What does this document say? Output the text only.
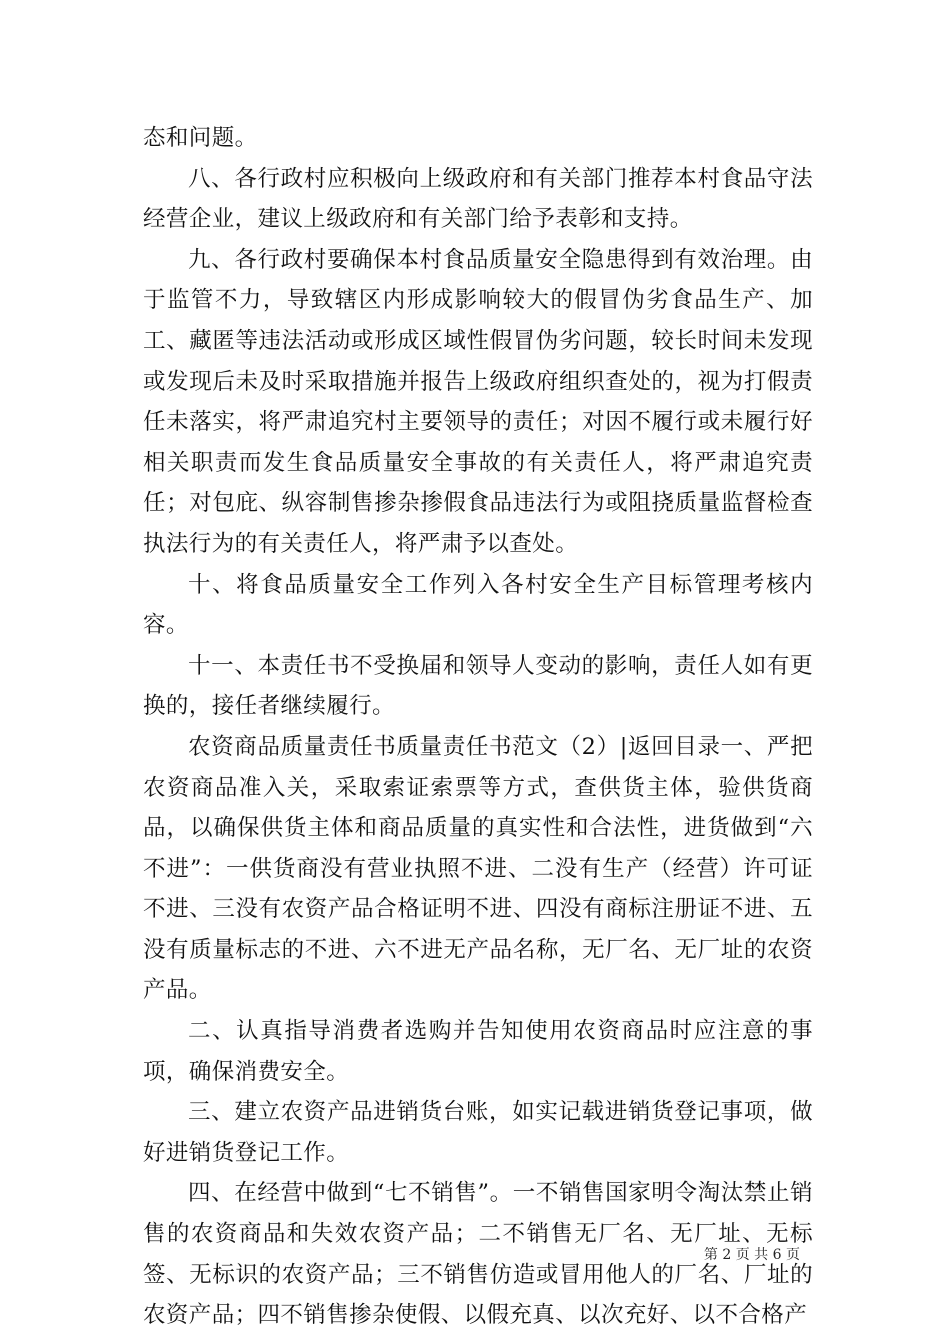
态和问题。

八、各行政村应积极向上级政府和有关部门推荐本村食品守法经营企业，建议上级政府和有关部门给予表彰和支持。

九、各行政村要确保本村食品质量安全隐患得到有效治理。由于监管不力，导致辖区内形成影响较大的假冒伪劣食品生产、加工、藏匿等违法活动或形成区域性假冒伪劣问题，较长时间未发现或发现后未及时采取措施并报告上级政府组织查处的，视为打假责任未落实，将严肃追究村主要领导的责任；对因不履行或未履行好相关职责而发生食品质量安全事故的有关责任人，将严肃追究责任；对包庇、纵容制售掺杂掺假食品违法行为或阻挠质量监督检查执法行为的有关责任人，将严肃予以查处。

十、将食品质量安全工作列入各村安全生产目标管理考核内容。

十一、本责任书不受换届和领导人变动的影响，责任人如有更换的，接任者继续履行。

农资商品质量责任书质量责任书范文（2）|返回目录一、严把农资商品准入关，采取索证索票等方式，查供货主体，验供货商品，以确保供货主体和商品质量的真实性和合法性，进货做到“六不进”：一供货商没有营业执照不进、二没有生产（经营）许可证不进、三没有农资产品合格证明不进、四没有商标注册证不进、五没有质量标志的不进、六不进无产品名称，无厂名、无厂址的农资产品。

二、认真指导消费者选购并告知使用农资商品时应注意的事项，确保消费安全。

三、建立农资产品进销货台账，如实记载进销货登记事项，做好进销货登记工作。

四、在经营中做到“七不销售”。一不销售国家明令淘汰禁止销售的农资商品和失效农资产品；二不销售无厂名、无厂址、无标签、无标识的农资产品；三不销售仿造或冒用他人的厂名、厂址的农资产品；四不销售掺杂使假、以假充真、以次充好、以不合格产

第 2 页 共 6 页
